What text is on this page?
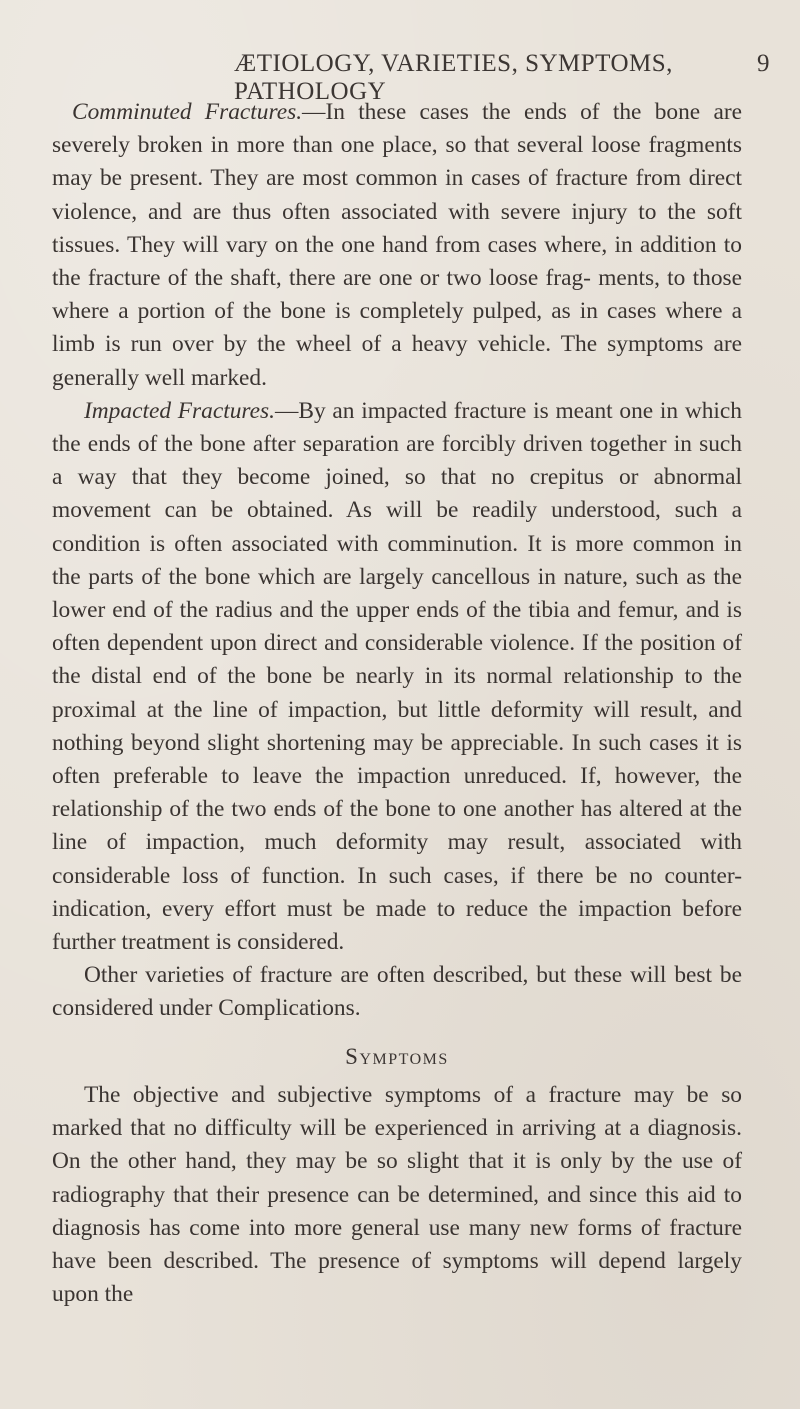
ÆTIOLOGY, VARIETIES, SYMPTOMS, PATHOLOGY
9

Comminuted Fractures.—In these cases the ends of the bone are severely broken in more than one place, so that several loose fragments may be present. They are most common in cases of fracture from direct violence, and are thus often associated with severe injury to the soft tissues. They will vary on the one hand from cases where, in addition to the fracture of the shaft, there are one or two loose frag- ments, to those where a portion of the bone is completely pulped, as in cases where a limb is run over by the wheel of a heavy vehicle. The symptoms are generally well marked.

Impacted Fractures.—By an impacted fracture is meant one in which the ends of the bone after separation are forcibly driven together in such a way that they become joined, so that no crepitus or abnormal movement can be obtained. As will be readily understood, such a condition is often associated with comminution. It is more common in the parts of the bone which are largely cancellous in nature, such as the lower end of the radius and the upper ends of the tibia and femur, and is often dependent upon direct and considerable violence. If the position of the distal end of the bone be nearly in its normal relationship to the proximal at the line of impaction, but little deformity will result, and nothing beyond slight shortening may be appreciable. In such cases it is often preferable to leave the impaction unreduced. If, however, the relationship of the two ends of the bone to one another has altered at the line of impaction, much deformity may result, associated with considerable loss of function. In such cases, if there be no counter-indication, every effort must be made to reduce the impaction before further treatment is considered.

Other varieties of fracture are often described, but these will best be considered under Complications.

Symptoms

The objective and subjective symptoms of a fracture may be so marked that no difficulty will be experienced in arriving at a diagnosis. On the other hand, they may be so slight that it is only by the use of radiography that their presence can be determined, and since this aid to diagnosis has come into more general use many new forms of fracture have been described. The presence of symptoms will depend largely upon the
